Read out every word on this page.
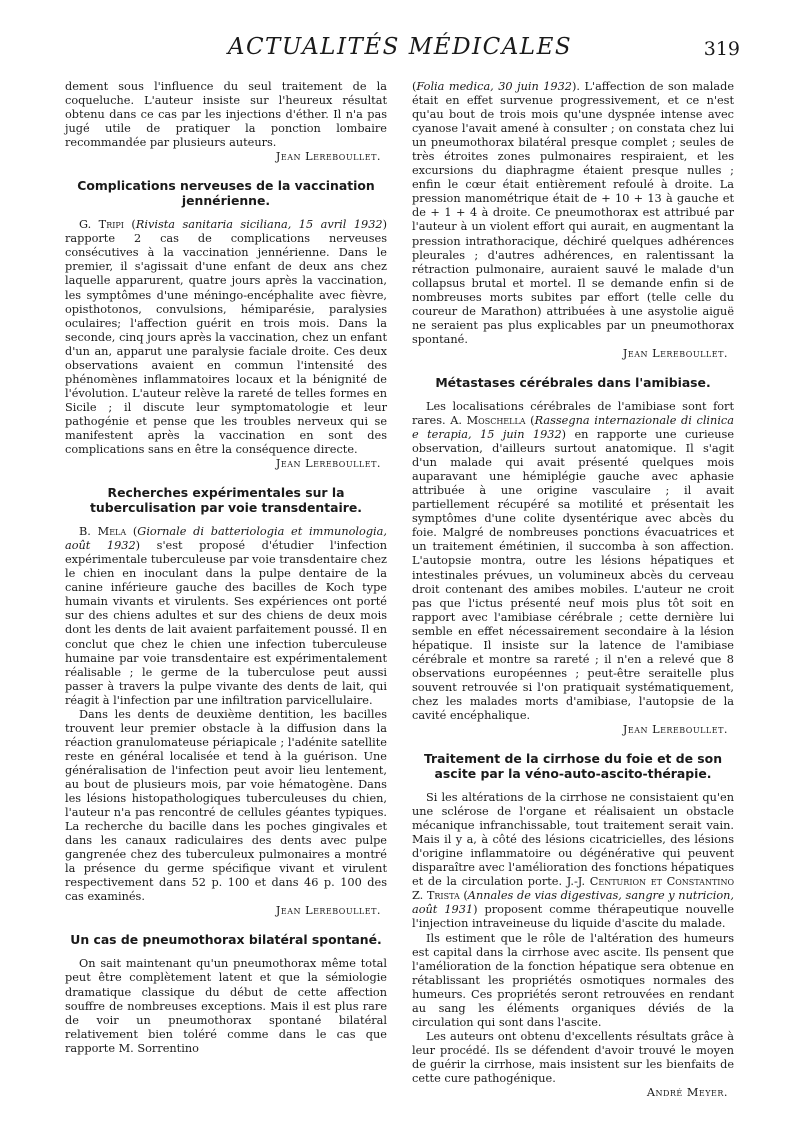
ACTUALITÉS MÉDICALES	319

dement sous l'influence du seul traitement de la coqueluche. L'auteur insiste sur l'heureux résultat obtenu dans ce cas par les injections d'éther. Il n'a pas jugé utile de pratiquer la ponction lombaire recommandée par plusieurs auteurs.

Jean Lereboullet.

Complications nerveuses de la vaccination jennérienne.

G. Tripi (Rivista sanitaria siciliana, 15 avril 1932) rapporte 2 cas de complications nerveuses consécutives à la vaccination jennérienne. Dans le premier, il s'agissait d'une enfant de deux ans chez laquelle apparurent, quatre jours après la vaccination, les symptômes d'une méningo-encéphalite avec fièvre, opisthotonos, convulsions, hémiparésie, paralysies oculaires; l'affection guérit en trois mois. Dans la seconde, cinq jours après la vaccination, chez un enfant d'un an, apparut une paralysie faciale droite. Ces deux observations avaient en commun l'intensité des phénomènes inflammatoires locaux et la bénignité de l'évolution. L'auteur relève la rareté de telles formes en Sicile ; il discute leur symptomatologie et leur pathogénie et pense que les troubles nerveux qui se manifestent après la vaccination en sont des complications sans en être la conséquence directe.

Jean Lereboullet.

Recherches expérimentales sur la tuberculisation par voie transdentaire.

B. Mela (Giornale di batteriologia et immunologia, août 1932) s'est proposé d'étudier l'infection expérimentale tuberculeuse par voie transdentaire chez le chien en inoculant dans la pulpe dentaire de la canine inférieure gauche des bacilles de Koch type humain vivants et virulents. Ses expériences ont porté sur des chiens adultes et sur des chiens de deux mois dont les dents de lait avaient parfaitement poussé. Il en conclut que chez le chien une infection tuberculeuse humaine par voie transdentaire est expérimentalement réalisable ; le germe de la tuberculose peut aussi passer à travers la pulpe vivante des dents de lait, qui réagit à l'infection par une infiltration parvicellulaire.

Dans les dents de deuxième dentition, les bacilles trouvent leur premier obstacle à la diffusion dans la réaction granulomateuse périapicale ; l'adénite satellite reste en général localisée et tend à la guérison. Une généralisation de l'infection peut avoir lieu lentement, au bout de plusieurs mois, par voie hématogène. Dans les lésions histopathologiques tuberculeuses du chien, l'auteur n'a pas rencontré de cellules géantes typiques. La recherche du bacille dans les poches gingivales et dans les canaux radiculaires des dents avec pulpe gangrenée chez des tuberculeux pulmonaires a montré la présence du germe spécifique vivant et virulent respectivement dans 52 p. 100 et dans 46 p. 100 des cas examinés.

Jean Lereboullet.

Un cas de pneumothorax bilatéral spontané.

On sait maintenant qu'un pneumothorax même total peut être complètement latent et que la sémiologie dramatique classique du début de cette affection souffre de nombreuses exceptions. Mais il est plus rare de voir un pneumothorax spontané bilatéral relativement bien toléré comme dans le cas que rapporte M. Sorrentino

(Folia medica, 30 juin 1932). L'affection de son malade était en effet survenue progressivement, et ce n'est qu'au bout de trois mois qu'une dyspnée intense avec cyanose l'avait amené à consulter ; on constata chez lui un pneumothorax bilatéral presque complet ; seules de très étroites zones pulmonaires respiraient, et les excursions du diaphragme étaient presque nulles ; enfin le cœur était entièrement refoulé à droite. La pression manométrique était de + 10 + 13 à gauche et de + 1 + 4 à droite. Ce pneumothorax est attribué par l'auteur à un violent effort qui aurait, en augmentant la pression intrathoracique, déchiré quelques adhérences pleurales ; d'autres adhérences, en ralentissant la rétraction pulmonaire, auraient sauvé le malade d'un collapsus brutal et mortel. Il se demande enfin si de nombreuses morts subites par effort (telle celle du coureur de Marathon) attribuées à une asystolie aiguë ne seraient pas plus explicables par un pneumothorax spontané.

Jean Lereboullet.

Métastases cérébrales dans l'amibiase.

Les localisations cérébrales de l'amibiase sont fort rares. A. Moschella (Rassegna internazionale di clinica e terapia, 15 juin 1932) en rapporte une curieuse observation, d'ailleurs surtout anatomique. Il s'agit d'un malade qui avait présenté quelques mois auparavant une hémiplégie gauche avec aphasie attribuée à une origine vasculaire ; il avait partiellement récupéré sa motilité et présentait les symptômes d'une colite dysentérique avec abcès du foie. Malgré de nombreuses ponctions évacuatrices et un traitement émétinien, il succomba à son affection. L'autopsie montra, outre les lésions hépatiques et intestinales prévues, un volumineux abcès du cerveau droit contenant des amibes mobiles. L'auteur ne croit pas que l'ictus présenté neuf mois plus tôt soit en rapport avec l'amibiase cérébrale ; cette dernière lui semble en effet nécessairement secondaire à la lésion hépatique. Il insiste sur la latence de l'amibiase cérébrale et montre sa rareté ; il n'en a relevé que 8 observations européennes ; peut-être seraitelle plus souvent retrouvée si l'on pratiquait systématiquement, chez les malades morts d'amibiase, l'autopsie de la cavité encéphalique.

Jean Lereboullet.

Traitement de la cirrhose du foie et de son ascite par la véno-auto-ascito-thérapie.

Si les altérations de la cirrhose ne consistaient qu'en une sclérose de l'organe et réalisaient un obstacle mécanique infranchissable, tout traitement serait vain. Mais il y a, à côté des lésions cicatricielles, des lésions d'origine inflammatoire ou dégénérative qui peuvent disparaître avec l'amélioration des fonctions hépatiques et de la circulation porte. J.-J. Centurion et Constantino Z. Trista (Annales de vias digestivas, sangre y nutricion, août 1931) proposent comme thérapeutique nouvelle l'injection intraveineuse du liquide d'ascite du malade.

Ils estiment que le rôle de l'altération des humeurs est capital dans la cirrhose avec ascite. Ils pensent que l'amélioration de la fonction hépatique sera obtenue en rétablissant les propriétés osmotiques normales des humeurs. Ces propriétés seront retrouvées en rendant au sang les éléments organiques déviés de la circulation qui sont dans l'ascite.

Les auteurs ont obtenu d'excellents résultats grâce à leur procédé. Ils se défendent d'avoir trouvé le moyen de guérir la cirrhose, mais insistent sur les bienfaits de cette cure pathogénique.

André Meyer.
